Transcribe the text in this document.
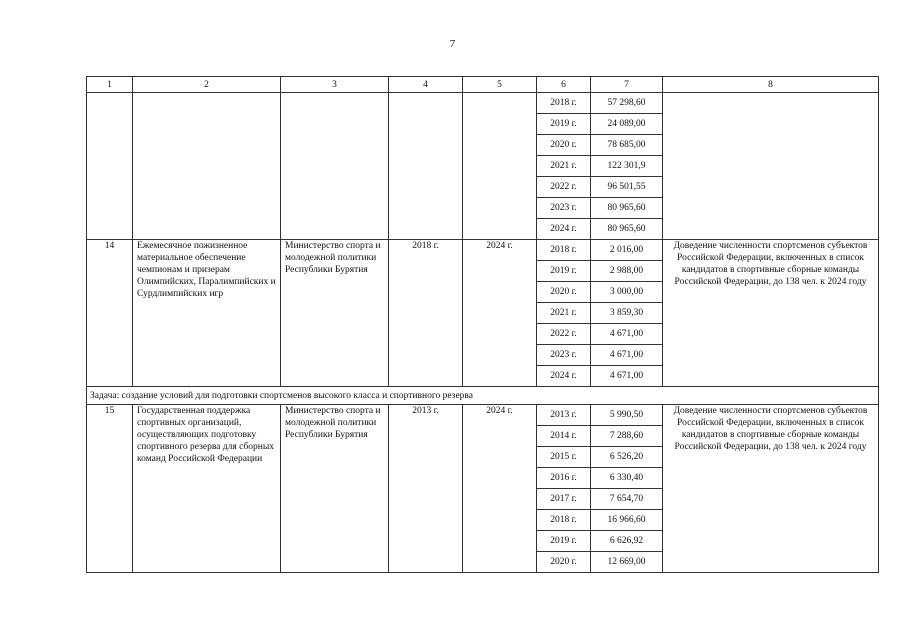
7
1	2	3	4	5	6	7	8
					2018 г.	57 298,60	
					2019 г.	24 089,00	
					2020 г.	78 685,00	
					2021 г.	122 301,9	
					2022 г.	96 501,55	
					2023 г.	80 965,60	
					2024 г.	80 965,60	
14	Ежемесячное пожизненное материальное обеспечение чемпионам и призерам Олимпийских, Паралимпийских и Сурдлимпийских игр	Министерство спорта и молодежной политики Республики Бурятия	2018 г.	2024 г.	2018 г.	2 016,00	Доведение численности спортсменов субъектов Российской Федерации, включенных в список кандидатов в спортивные сборные команды Российской Федерации, до 138 чел. к 2024 году
					2019 г.	2 988,00	
					2020 г.	3 000,00	
					2021 г.	3 859,30	
					2022 г.	4 671,00	
					2023 г.	4 671,00	
					2024 г.	4 671,00	
Задача: создание условий для подготовки спортсменов высокого класса и спортивного резерва							
15	Государственная поддержка спортивных организаций, осуществляющих подготовку спортивного резерва для сборных команд Российской Федерации	Министерство спорта и молодежной политики Республики Бурятия	2013 г.	2024 г.	2013 г.	5 990,50	Доведение численности спортсменов субъектов Российской Федерации, включенных в список кандидатов в спортивные сборные команды Российской Федерации, до 138 чел. к 2024 году
					2014 г.	7 288,60	
					2015 г.	6 526,20	
					2016 г.	6 330,40	
					2017 г.	7 654,70	
					2018 г.	16 966,60	
					2019 г.	6 626,92	
					2020 г.	12 669,00	
